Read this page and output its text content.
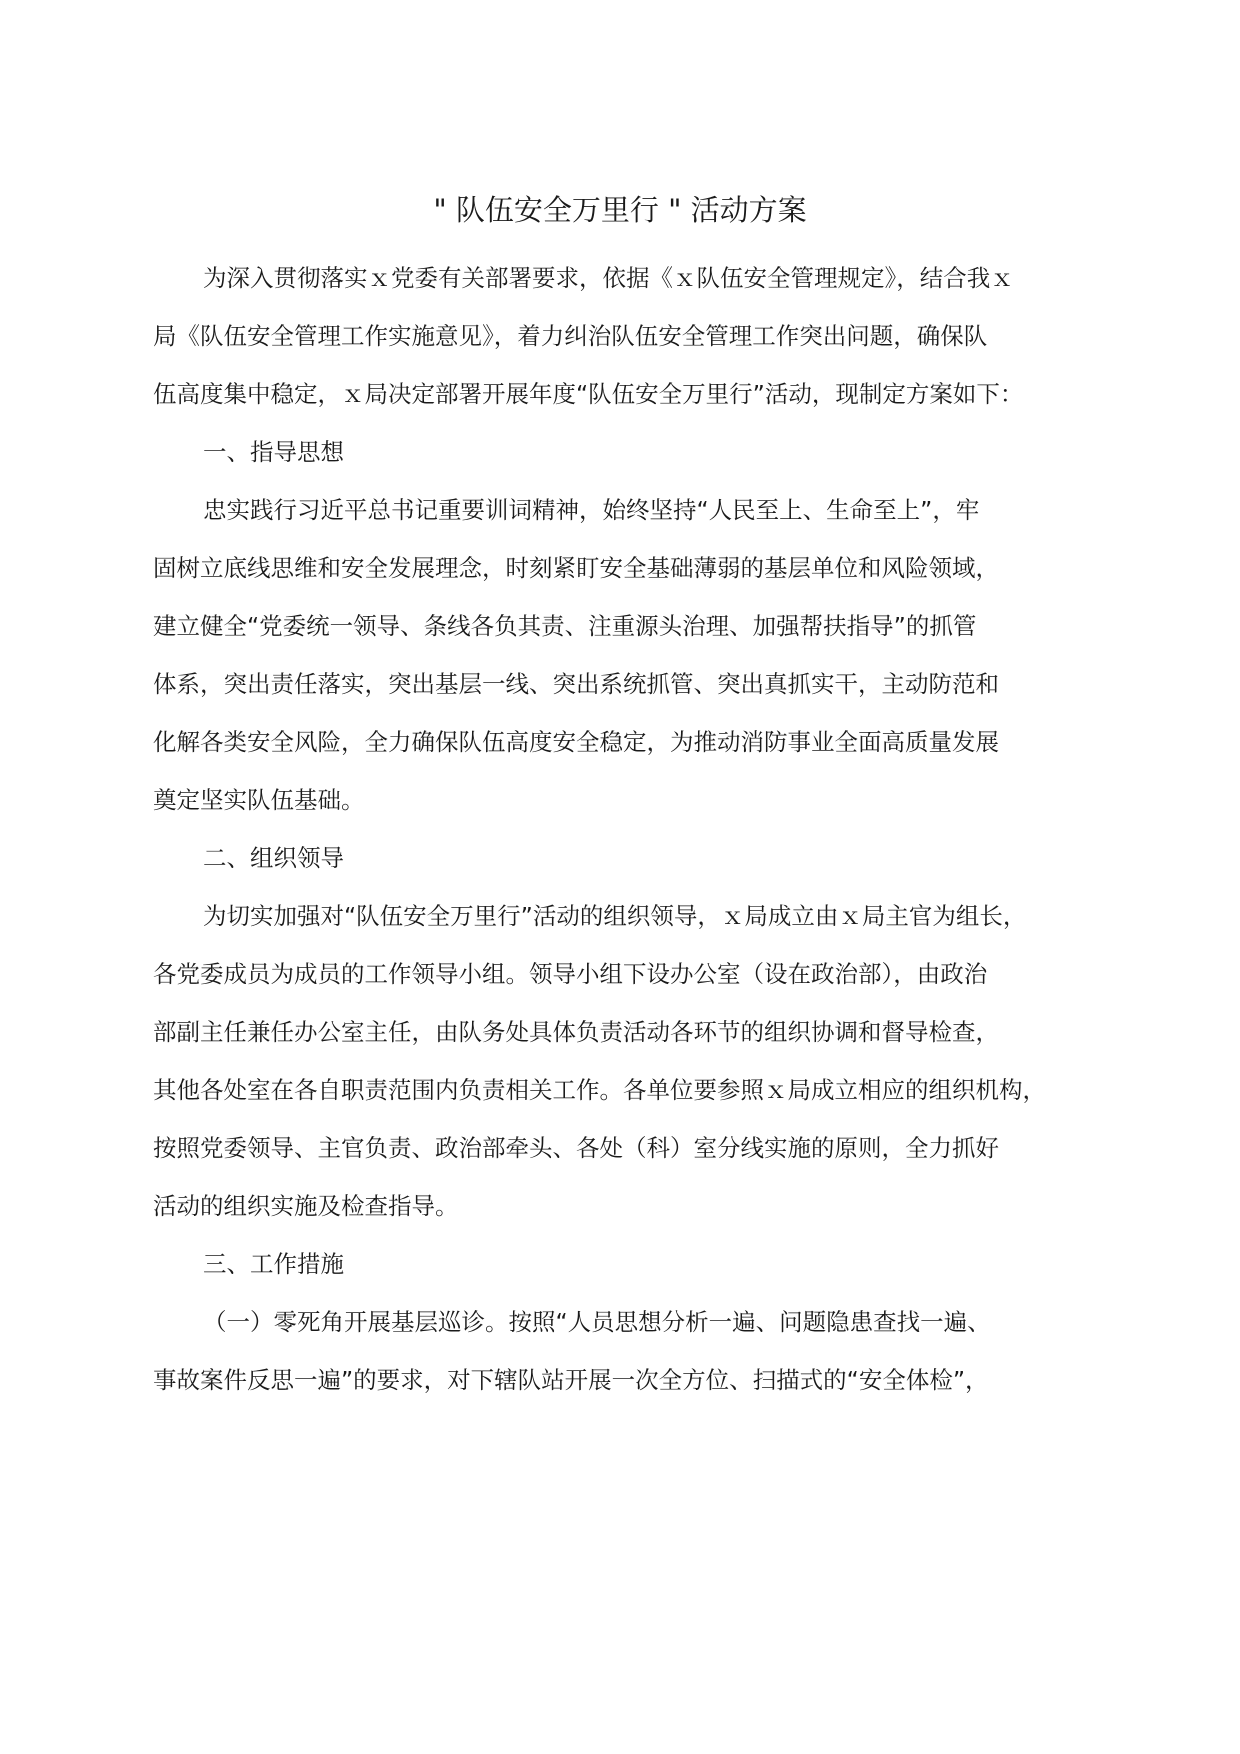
" 队伍安全万里行 " 活动方案
为深入贯彻落实ｘ党委有关部署要求，依据《ｘ队伍安全管理规定》，结合我ｘ
局《队伍安全管理工作实施意见》，着力纠治队伍安全管理工作突出问题，确保队
伍高度集中稳定，ｘ局决定部署开展年度“队伍安全万里行”活动，现制定方案如下：
一、指导思想
忠实践行习近平总书记重要训词精神，始终坚持“人民至上、生命至上”，牢
固树立底线思维和安全发展理念，时刻紧盯安全基础薄弱的基层单位和风险领域，
建立健全“党委统一领导、条线各负其责、注重源头治理、加强帮扶指导”的抓管
体系，突出责任落实，突出基层一线、突出系统抓管、突出真抓实干，主动防范和
化解各类安全风险，全力确保队伍高度安全稳定，为推动消防事业全面高质量发展
奠定坚实队伍基础。
二、组织领导
为切实加强对“队伍安全万里行”活动的组织领导，ｘ局成立由ｘ局主官为组长，
各党委成员为成员的工作领导小组。领导小组下设办公室（设在政治部），由政治
部副主任兼任办公室主任，由队务处具体负责活动各环节的组织协调和督导检查，
其他各处室在各自职责范围内负责相关工作。各单位要参照ｘ局成立相应的组织机构，
按照党委领导、主官负责、政治部牵头、各处（科）室分线实施的原则，全力抓好
活动的组织实施及检查指导。
三、工作措施
（一）零死角开展基层巡诊。按照“人员思想分析一遍、问题隐患查找一遍、
事故案件反思一遍”的要求，对下辖队站开展一次全方位、扫描式的“安全体检”，
